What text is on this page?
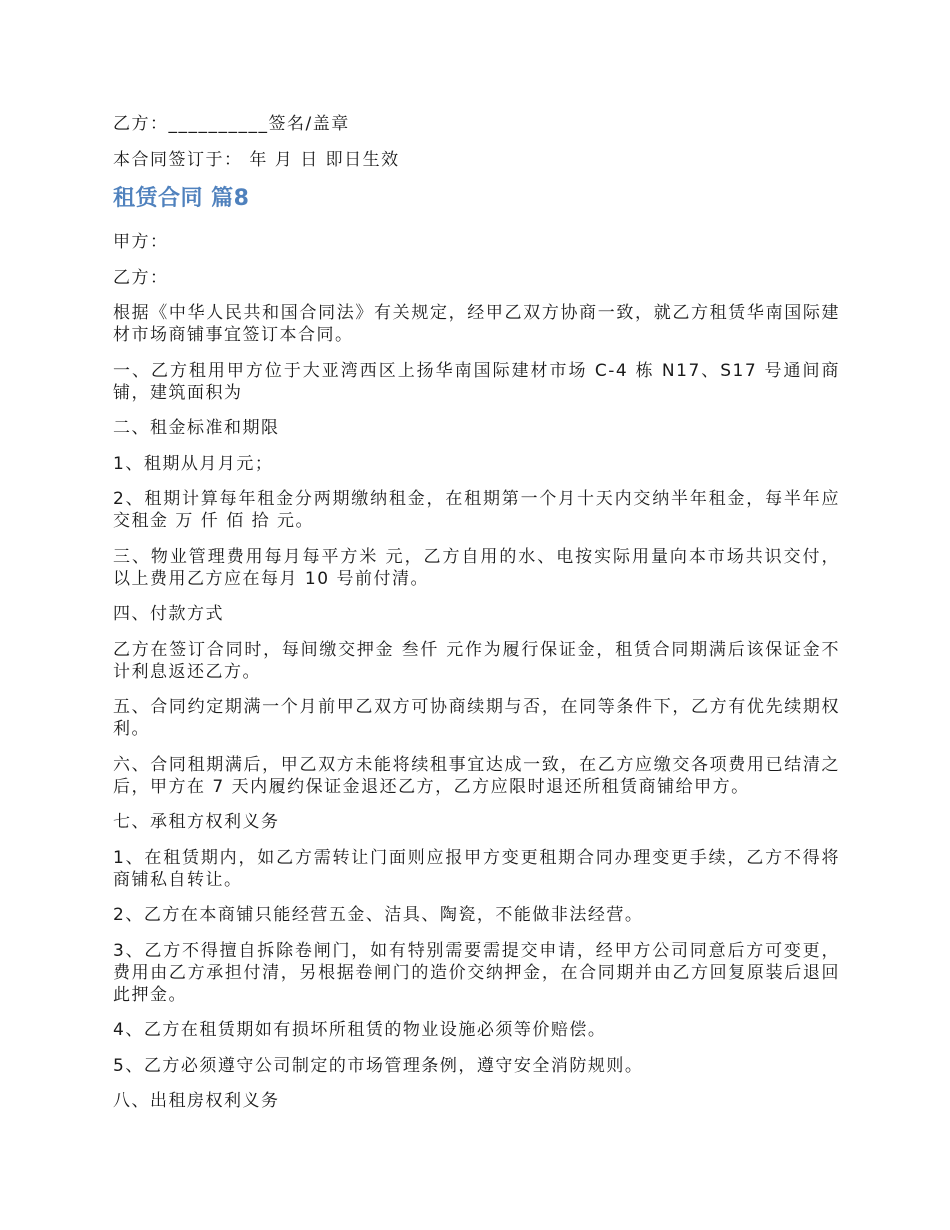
乙方：__________签名/盖章

本合同签订于： 年 月 日 即日生效

租赁合同 篇8

甲方：

乙方：

根据《中华人民共和国合同法》有关规定，经甲乙双方协商一致，就乙方租赁华南国际建材市场商铺事宜签订本合同。

一、乙方租用甲方位于大亚湾西区上扬华南国际建材市场 C-4 栋 N17、S17 号通间商铺，建筑面积为

二、租金标准和期限

1、租期从月月元；

2、租期计算每年租金分两期缴纳租金，在租期第一个月十天内交纳半年租金，每半年应交租金 万 仟 佰 拾 元。

三、物业管理费用每月每平方米 元，乙方自用的水、电按实际用量向本市场共识交付，以上费用乙方应在每月 10 号前付清。

四、付款方式

乙方在签订合同时，每间缴交押金 叁仟 元作为履行保证金，租赁合同期满后该保证金不计利息返还乙方。

五、合同约定期满一个月前甲乙双方可协商续期与否，在同等条件下，乙方有优先续期权利。

六、合同租期满后，甲乙双方未能将续租事宜达成一致，在乙方应缴交各项费用已结清之后，甲方在 7 天内履约保证金退还乙方，乙方应限时退还所租赁商铺给甲方。

七、承租方权利义务

1、在租赁期内，如乙方需转让门面则应报甲方变更租期合同办理变更手续，乙方不得将商铺私自转让。

2、乙方在本商铺只能经营五金、洁具、陶瓷，不能做非法经营。

3、乙方不得擅自拆除卷闸门，如有特别需要需提交申请，经甲方公司同意后方可变更，费用由乙方承担付清，另根据卷闸门的造价交纳押金，在合同期并由乙方回复原装后退回此押金。

4、乙方在租赁期如有损坏所租赁的物业设施必须等价赔偿。

5、乙方必须遵守公司制定的市场管理条例，遵守安全消防规则。

八、出租房权利义务
